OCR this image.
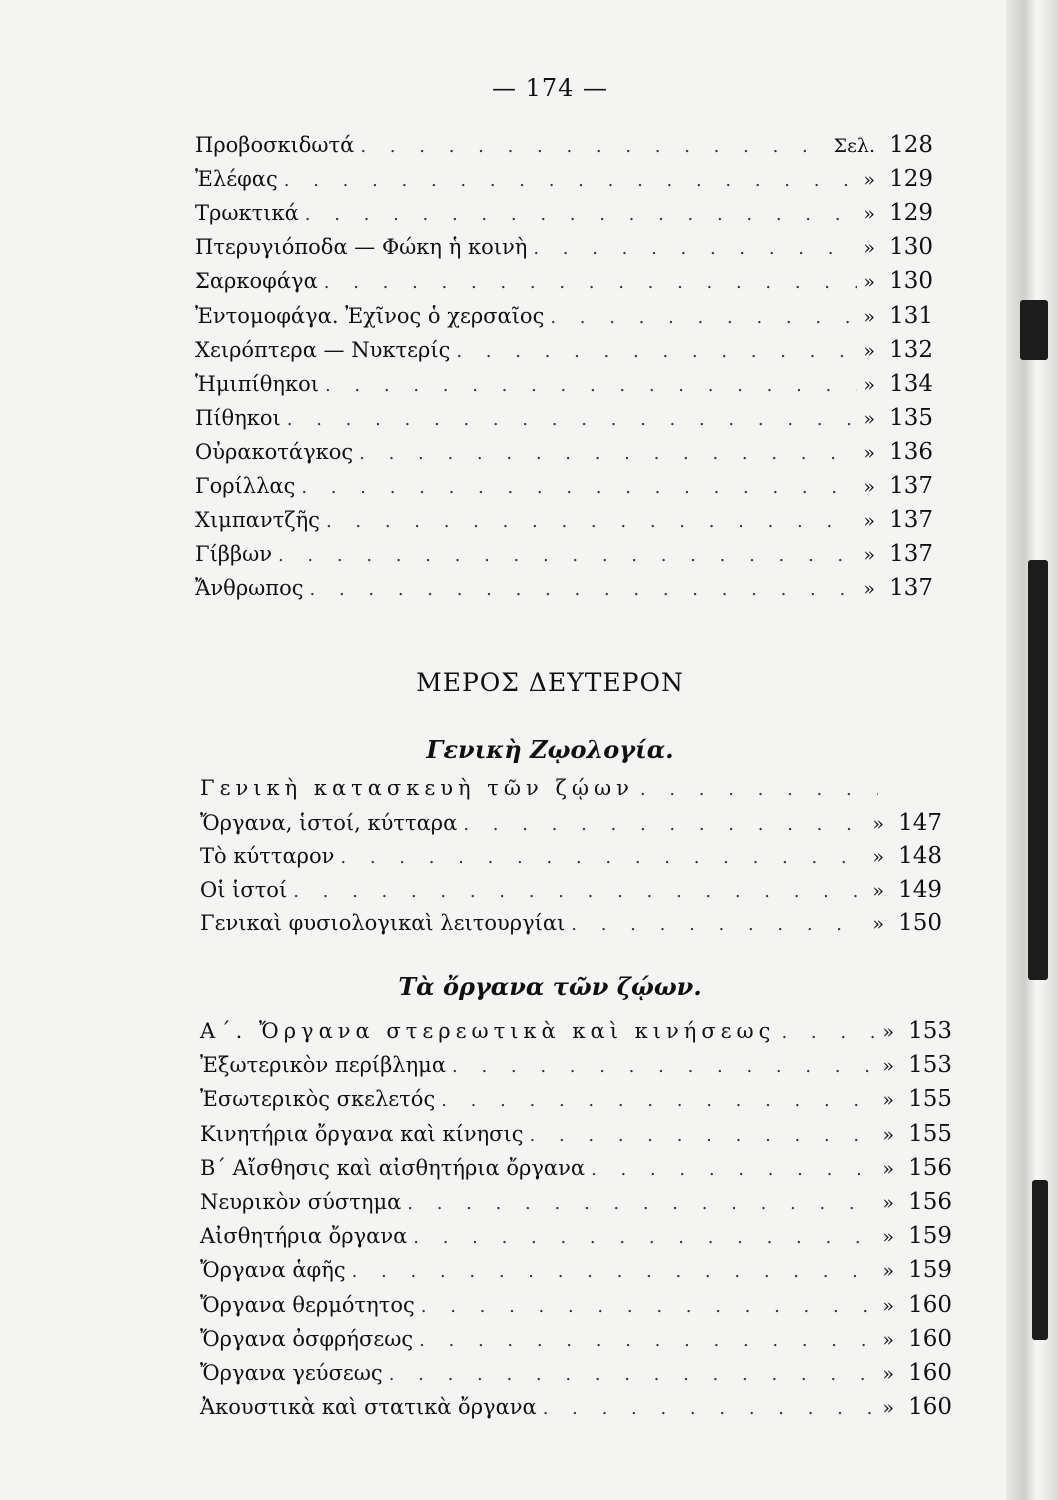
— 174 —
Προβοσκιδωτά . . .	Σελ. 128
Ἐλέφας . . .	» 129
Τρωκτικά . . .	» 129
Πτερυγιόποδα — Φώκη ἡ κοινὴ . . .	» 130
Σαρκοφάγα . . .	» 130
Ἐντομοφάγα. Ἐχῖνος ὁ χερσαῖος . . .	» 131
Χειρόπτερα — Νυκτερίς . . .	» 132
Ἡμιπίθηκοι . . .	» 134
Πίθηκοι . . .	» 135
Οὐρακοτάγκος . . .	» 136
Γορίλλας . . .	» 137
Χιμπαντζῆς . . .	» 137
Γίββων . . .	» 137
Ἄνθρωπος . . .	» 137
ΜΕΡΟΣ ΔΕΥΤΕΡΟΝ
Γενικὴ Ζῳολογία.
Γενικὴ κατασκευὴ τῶν ζῴων
. . .
Ὄργανα, ἱστοί, κύτταρα . . .	» 147
Τὸ κύτταρον . . .	» 148
Οἱ ἱστοί . . .	» 149
Γενικαὶ φυσιολογικαὶ λειτουργίαι . . .	» 150
Τὰ ὄργανα τῶν ζῴων.
Α΄. Ὄργανα στερεωτικὰ καὶ κινήσεως . . .	» 153
Ἐξωτερικὸν περίβλημα . . .	» 153
Ἐσωτερικὸς σκελετός . . .	» 155
Κινητήρια ὄργανα καὶ κίνησις . . .	» 155
Β΄ Αἴσθησις καὶ αἰσθητήρια ὄργανα . . .	» 156
Νευρικὸν σύστημα . . .	» 156
Αἰσθητήρια ὄργανα . . .	» 159
Ὄργανα ἁφῆς . . .	» 159
Ὄργανα θερμότητος . . .	» 160
Ὄργανα ὀσφρήσεως . . .	» 160
Ὄργανα γεύσεως . . .	» 160
Ἀκουστικὰ καὶ στατικὰ ὄργανα . . .	» 160
